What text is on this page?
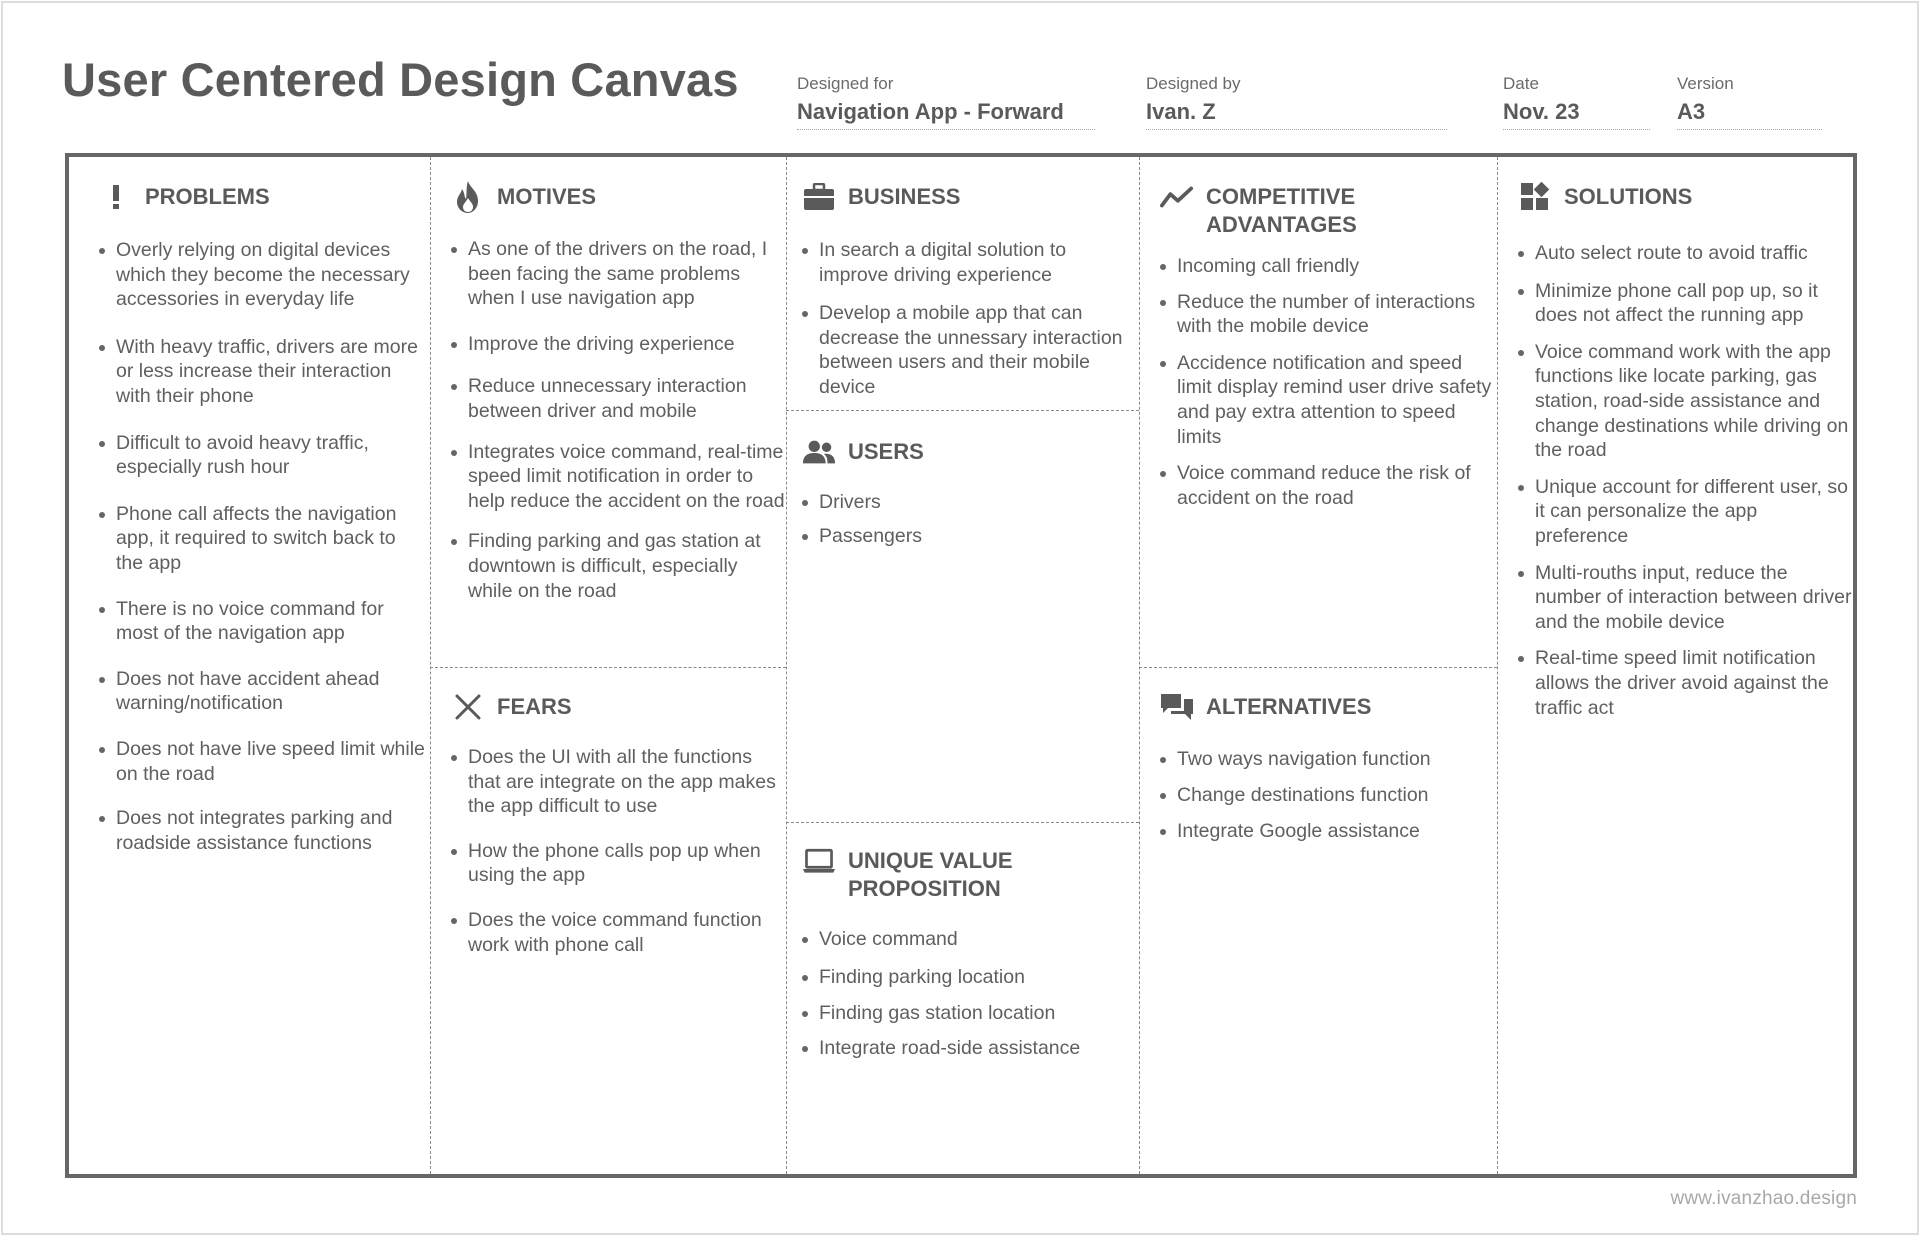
User Centered Design Canvas	Designed for
Navigation App - Forward
Designed by
Ivan. Z
Date
Nov. 23
Version
A3
PROBLEMS
Overly relying on digital devices which they become the necessary accessories in everyday life
With heavy traffic, drivers are more or less increase their interaction with their phone
Difficult to avoid heavy traffic, especially rush hour
Phone call affects the navigation app, it required to switch back to the app
There is no voice command for most of the navigation app
Does not have accident ahead warning/notification
Does not have live speed limit while on the road
Does not integrates parking and roadside assistance functions
MOTIVES
As one of the drivers on the road, I been facing the same problems when I use navigation app
Improve the driving experience
Reduce unnecessary interaction between driver and mobile
Integrates voice command, real-time speed limit notification in order to help reduce the accident on the road
Finding parking and gas station at downtown is difficult, especially while on the road
FEARS
Does the UI with all the functions that are integrate on the app makes the app difficult to use
How the phone calls pop up when using the app
Does the voice command function work with phone call
BUSINESS
In search a digital solution to improve driving experience
Develop a mobile app that can decrease the unnessary interaction between users and their mobile device
USERS
Drivers
Passengers
UNIQUE VALUE
PROPOSITION
Voice command
Finding parking location
Finding gas station location
Integrate road-side assistance
COMPETITIVE
ADVANTAGES
Incoming call friendly
Reduce the number of interactions with the mobile device
Accidence notification and speed limit display remind user drive safety and pay extra attention to speed limits
Voice command reduce the risk of accident on the road
ALTERNATIVES
Two ways navigation function
Change destinations function
Integrate Google assistance
SOLUTIONS
Auto select route to avoid traffic
Minimize phone call pop up, so it does not affect the running app
Voice command work with the app functions like locate parking, gas station, road-side assistance and change destinations while driving on the road
Unique account for different user, so it can personalize the app preference
Multi-rouths input, reduce the number of interaction between driver and the mobile device
Real-time speed limit notification allows the driver avoid against the traffic act
www.ivanzhao.design
